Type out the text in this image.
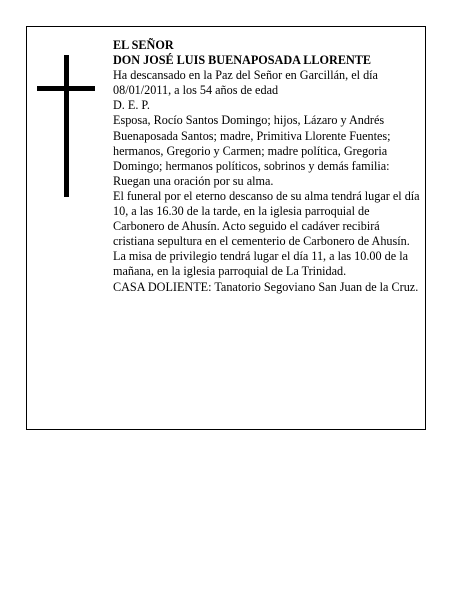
EL SEÑOR

DON JOSÉ LUIS BUENAPOSADA LLORENTE

Ha descansado en la Paz del Señor en Garcillán, el día 08/01/2011, a los 54 años de edad

D. E. P.

Esposa, Rocío Santos Domingo; hijos, Lázaro y Andrés Buenaposada Santos; madre, Primitiva Llorente Fuentes; hermanos, Gregorio y Carmen; madre política, Gregoria Domingo; hermanos políticos, sobrinos y demás familia:

Ruegan una oración por su alma.

El funeral por el eterno descanso de su alma tendrá lugar el día 10, a las 16.30 de la tarde, en la iglesia parroquial de Carbonero de Ahusín. Acto seguido el cadáver recibirá cristiana sepultura en el cementerio de Carbonero de Ahusín.

La misa de privilegio tendrá lugar el día 11, a las 10.00 de la mañana, en la iglesia parroquial de La Trinidad.

CASA DOLIENTE: Tanatorio Segoviano San Juan de la Cruz.
